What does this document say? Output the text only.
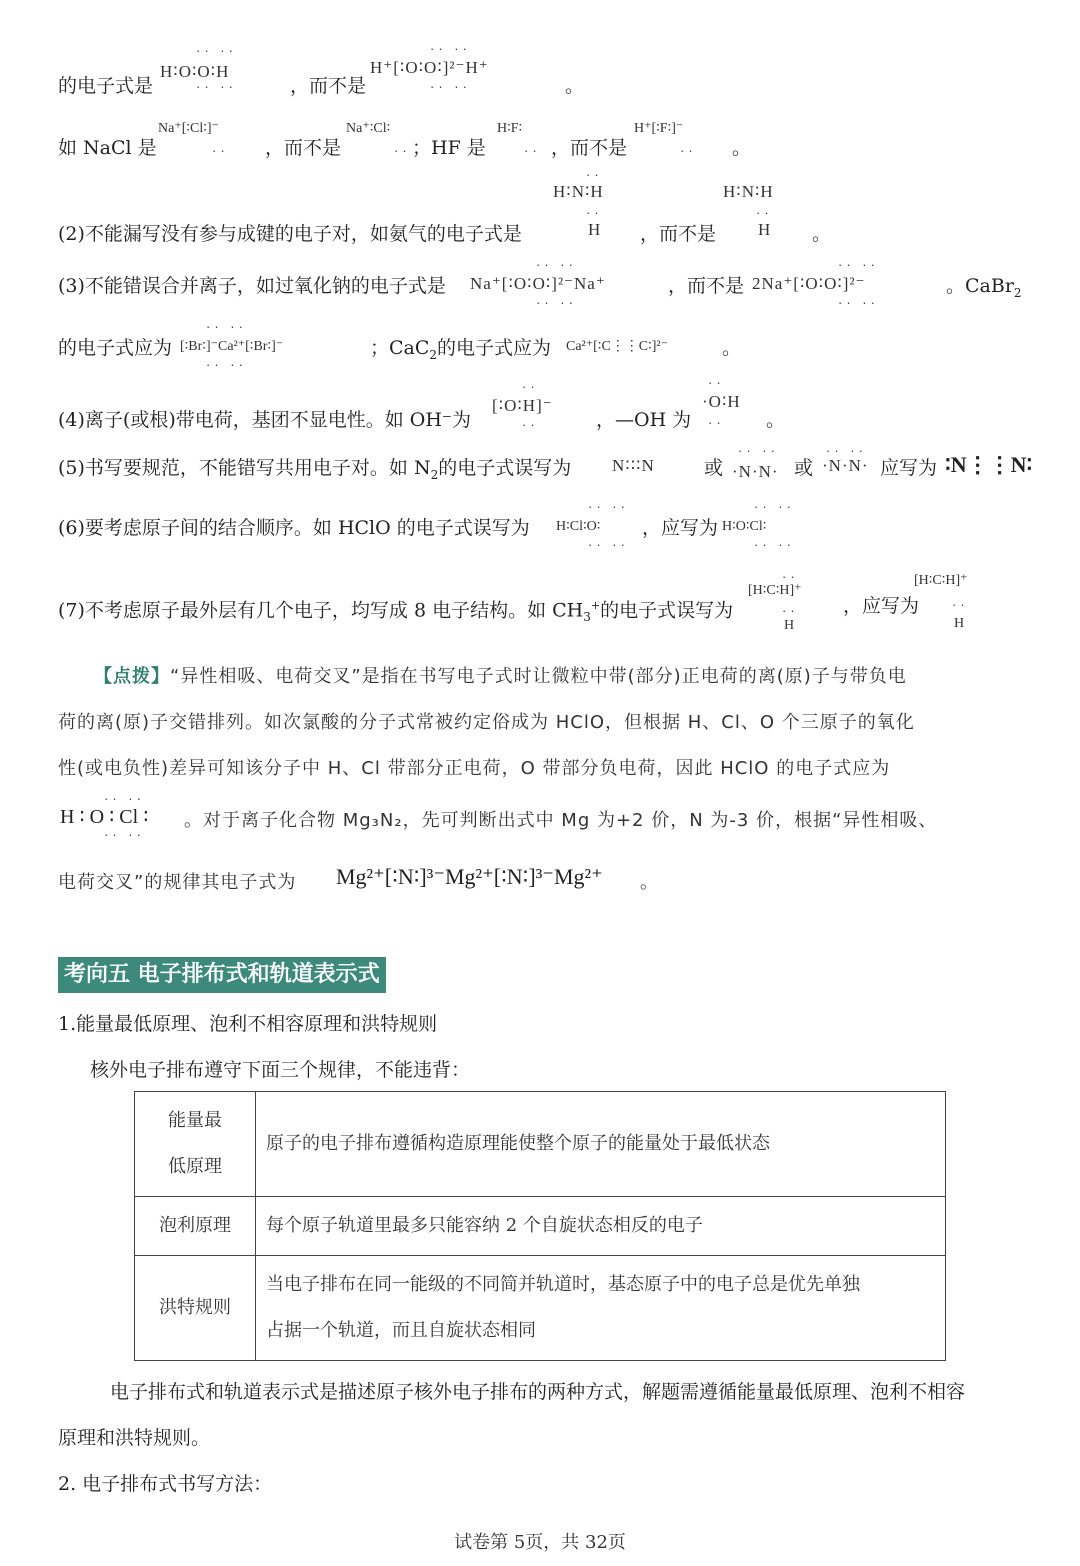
的电子式是
·· ··
H∶O∶O∶H
·· ··	，而不是
·· ··
H⁺[∶O∶O∶]²⁻H⁺
·· ··	。
如 NaCl 是
Na⁺[∶Cl∶]⁻
·· ，而不是
Na⁺∶Cl∶
·· ；HF 是
H∶F∶
·· ，而不是
H⁺[∶F∶]⁻
·· 。
H∶N∶H
··
··
H
H∶N∶H
··
H
(2)不能漏写没有参与成键的电子对，如氨气的电子式是	，而不是	。
(3)不能错误合并离子，如过氧化钠的电子式是
·· ··
Na⁺[∶O∶O∶]²⁻Na⁺
·· ··
，而不是
·· ··
2Na⁺[∶O∶O∶]²⁻
·· ··
。CaBr$_2$
的电子式应为
·· ··
[∶Br∶]⁻Ca²⁺[∶Br∶]⁻
·· ··
；CaC$_2$的电子式应为 Ca²⁺[∶C⋮⋮C∶]²⁻	。
(4)离子(或根)带电荷，基团不显电性。如 OH⁻为
··
[∶O∶H]⁻
··	，—OH 为
··
·O∶H
·· 。
(5)书写要规范，不能错写共用电子对。如 $N_2$的电子式误写为 N∶∶∶N	或
·· ··
·N·N· 或
·· ··
·N·N· 应写为 ∶N⋮⋮N∶
(6)要考虑原子间的结合顺序。如 HClO 的电子式误写为
·· ··
H∶Cl∶O∶
·· ··
，应写为
·· ··
H∶O∶Cl∶
·· ··
(7)不考虑原子最外层有几个电子，均写成 8 电子结构。如 $CH_3^+$的电子式误写为
··
[H∶C∶H]⁺
··
H
，应写为
[H∶C∶H]⁺
··
H
【点拨】“异性相吸、电荷交叉”是指在书写电子式时让微粒中带(部分)正电荷的离(原)子与带负电
荷的离(原)子交错排列。如次氯酸的分子式常被约定俗成为 HClO，但根据 H、Cl、O 个三原子的氧化
性(或电负性)差异可知该分子中 H、Cl 带部分正电荷，O 带部分负电荷，因此 HClO 的电子式应为
·· ··
H ∶ O ∶ Cl ∶
·· ··
。对于离子化合物 Mg₃N₂，先可判断出式中 Mg 为+2 价，N 为-3 价，根据“异性相吸、
电荷交叉”的规律其电子式为 Mg²⁺[∶N∶]³⁻Mg²⁺[∶N∶]³⁻Mg²⁺ 。
考向五 电子排布式和轨道表示式
1.能量最低原理、泡利不相容原理和洪特规则
核外电子排布遵守下面三个规律，不能违背：
能量最
低原理	原子的电子排布遵循构造原理能使整个原子的能量处于最低状态
泡利原理	每个原子轨道里最多只能容纳 2 个自旋状态相反的电子
洪特规则	当电子排布在同一能级的不同简并轨道时，基态原子中的电子总是优先单独
占据一个轨道，而且自旋状态相同
电子排布式和轨道表示式是描述原子核外电子排布的两种方式，解题需遵循能量最低原理、泡利不相容
原理和洪特规则。
2. 电子排布式书写方法：
试卷第 5页，共 32页
